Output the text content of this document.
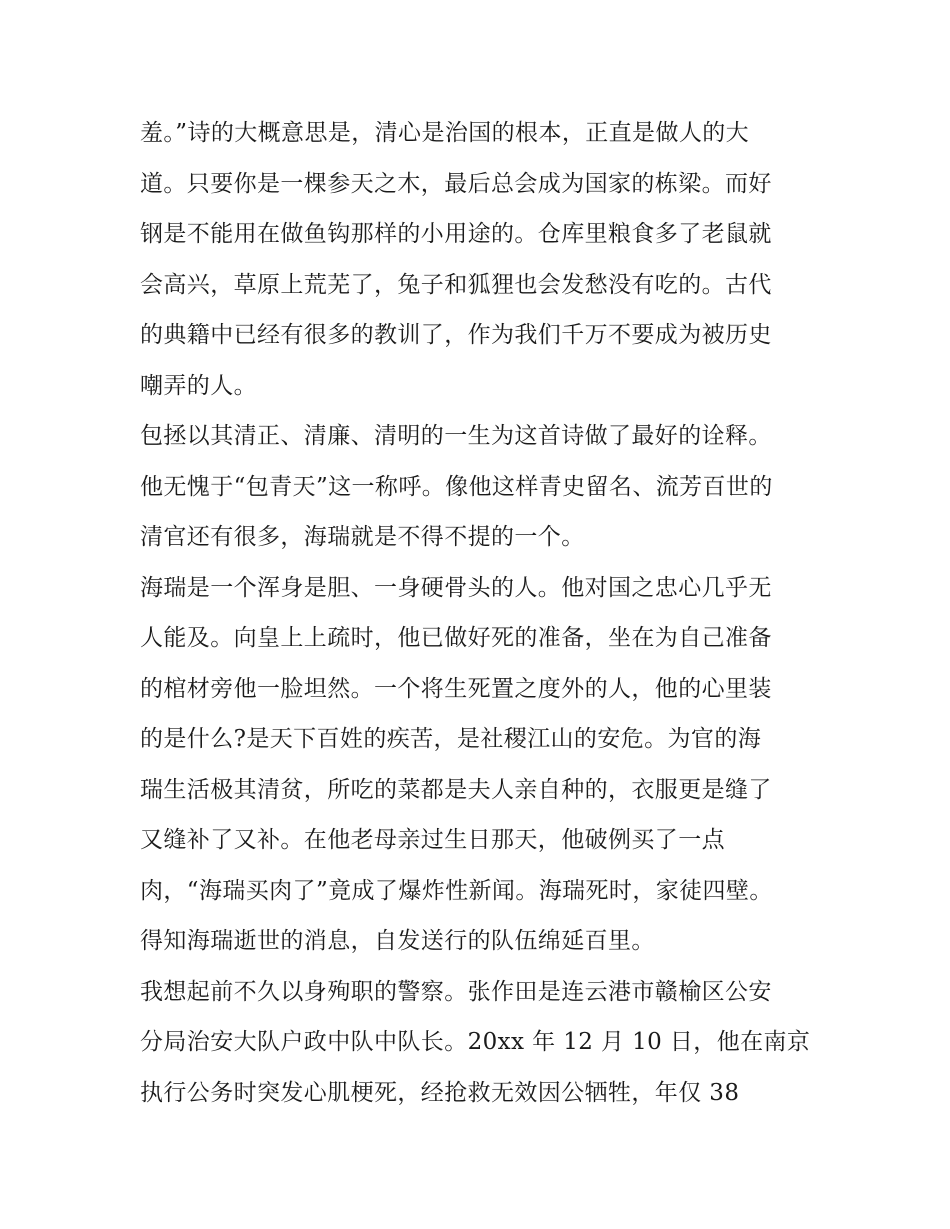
羞。”诗的大概意思是，清心是治国的根本，正直是做人的大
道。只要你是一棵参天之木，最后总会成为国家的栋梁。而好
钢是不能用在做鱼钩那样的小用途的。仓库里粮食多了老鼠就
会高兴，草原上荒芜了，兔子和狐狸也会发愁没有吃的。古代
的典籍中已经有很多的教训了，作为我们千万不要成为被历史
嘲弄的人。
包拯以其清正、清廉、清明的一生为这首诗做了最好的诠释。
他无愧于“包青天”这一称呼。像他这样青史留名、流芳百世的
清官还有很多，海瑞就是不得不提的一个。
海瑞是一个浑身是胆、一身硬骨头的人。他对国之忠心几乎无
人能及。向皇上上疏时，他已做好死的准备，坐在为自己准备
的棺材旁他一脸坦然。一个将生死置之度外的人，他的心里装
的是什么?是天下百姓的疾苦，是社稷江山的安危。为官的海
瑞生活极其清贫，所吃的菜都是夫人亲自种的，衣服更是缝了
又缝补了又补。在他老母亲过生日那天，他破例买了一点
肉，“海瑞买肉了”竟成了爆炸性新闻。海瑞死时，家徒四壁。
得知海瑞逝世的消息，自发送行的队伍绵延百里。
我想起前不久以身殉职的警察。张作田是连云港市赣榆区公安
分局治安大队户政中队中队长。20xx 年 12 月 10 日，他在南京
执行公务时突发心肌梗死，经抢救无效因公牺牲，年仅 38
